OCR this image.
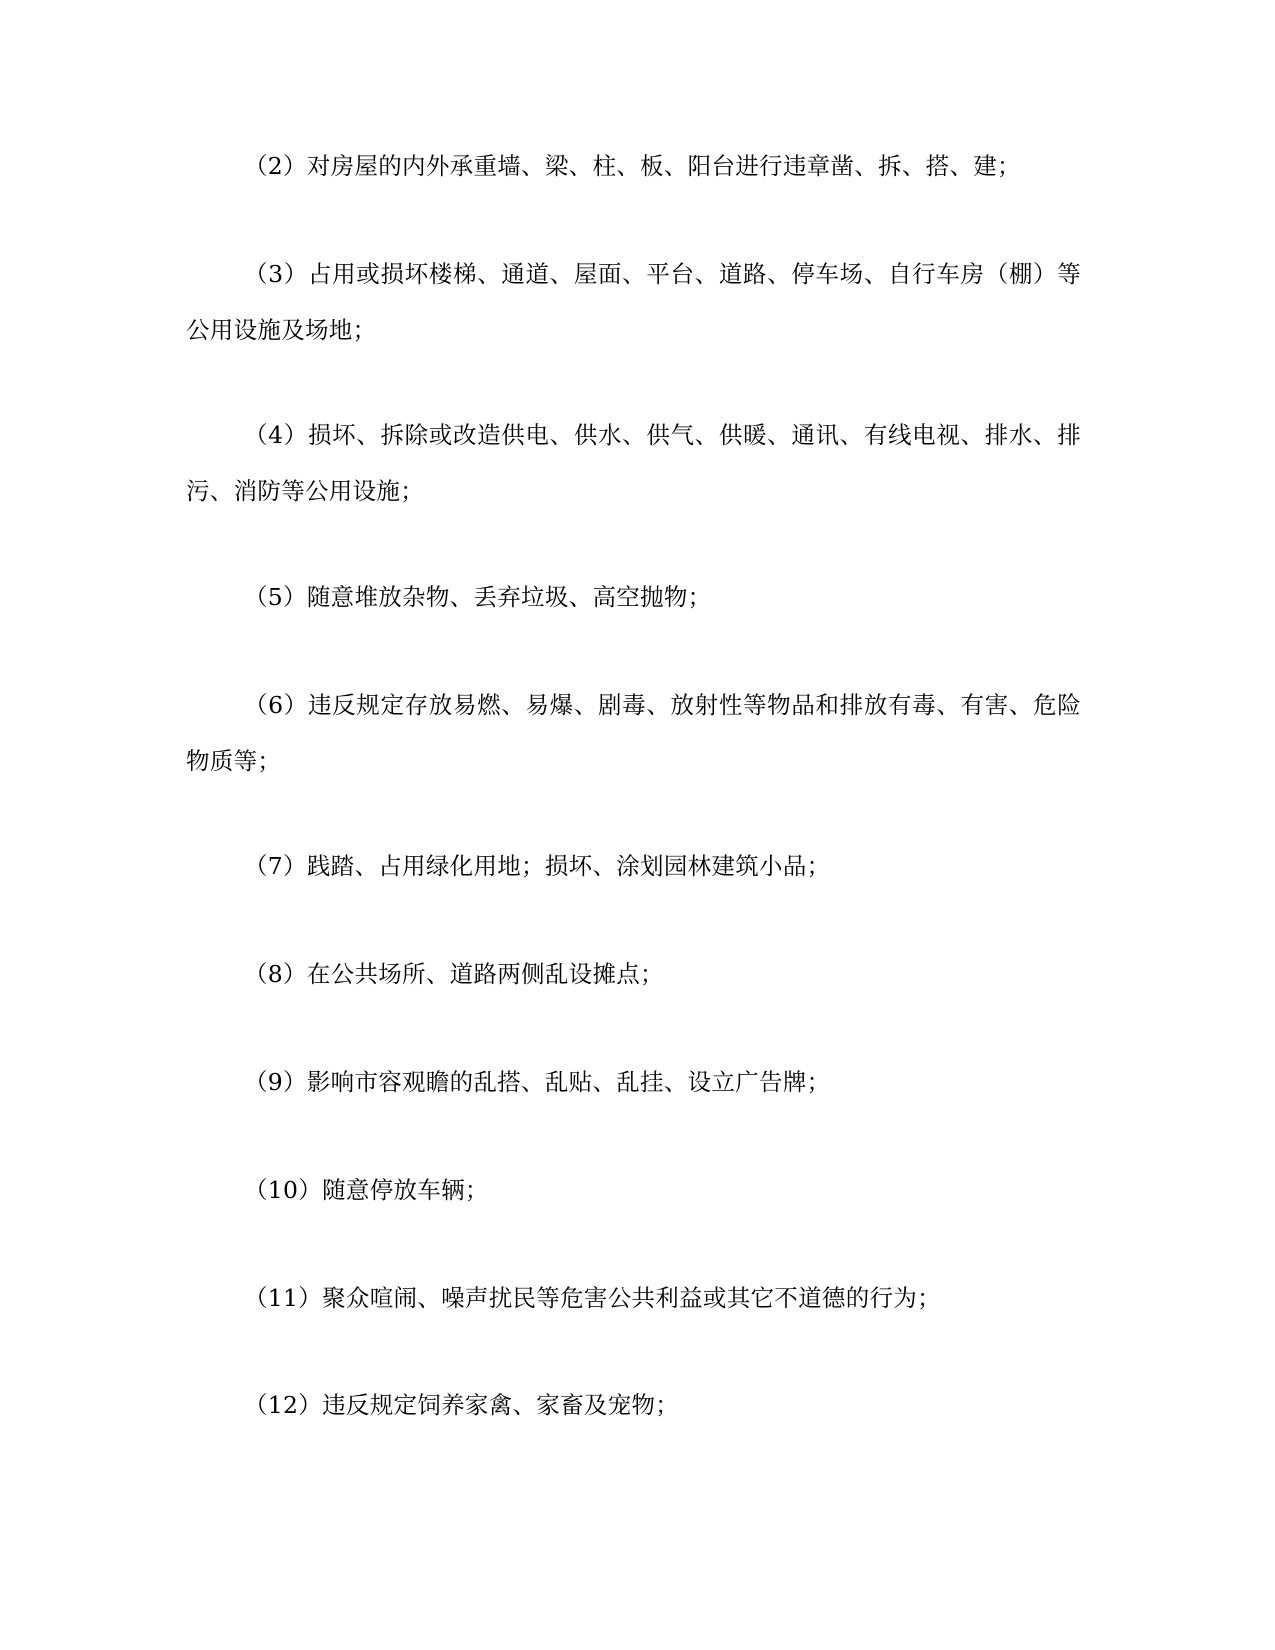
（2）对房屋的内外承重墙、梁、柱、板、阳台进行违章凿、拆、搭、建；

（3）占用或损坏楼梯、通道、屋面、平台、道路、停车场、自行车房（棚）等公用设施及场地；

（4）损坏、拆除或改造供电、供水、供气、供暖、通讯、有线电视、排水、排污、消防等公用设施；

（5）随意堆放杂物、丢弃垃圾、高空抛物；

（6）违反规定存放易燃、易爆、剧毒、放射性等物品和排放有毒、有害、危险物质等；

（7）践踏、占用绿化用地；损坏、涂划园林建筑小品；

（8）在公共场所、道路两侧乱设摊点；

（9）影响市容观瞻的乱搭、乱贴、乱挂、设立广告牌；

（10）随意停放车辆；

（11）聚众喧闹、噪声扰民等危害公共利益或其它不道德的行为；

（12）违反规定饲养家禽、家畜及宠物；
